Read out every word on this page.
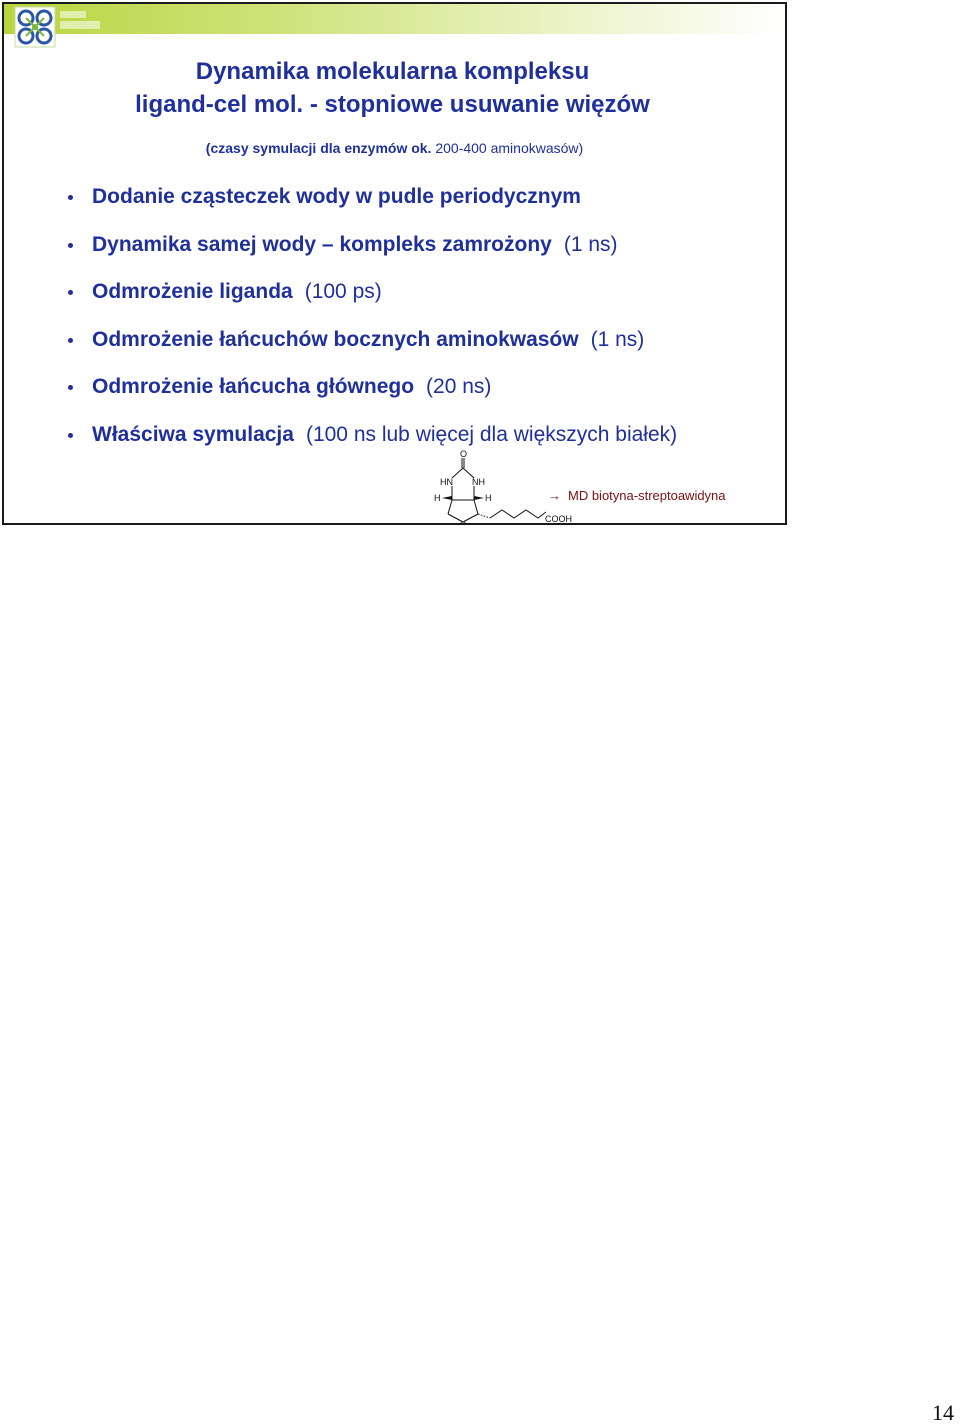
Dynamika molekularna kompleksu
ligand-cel mol. - stopniowe usuwanie więzów

(czasy symulacji dla enzymów ok. 200-400 aminokwasów)

Dodanie cząsteczek wody w pudle periodycznym
Dynamika samej wody – kompleks zamrożony (1 ns)
Odmrożenie liganda (100 ps)
Odmrożenie łańcuchów bocznych aminokwasów (1 ns)
Odmrożenie łańcucha głównego (20 ns)
Właściwa symulacja (100 ns lub więcej dla większych białek)
O
HN NH
H	H
S
COOH
→ MD biotyna-streptoawidyna
14
